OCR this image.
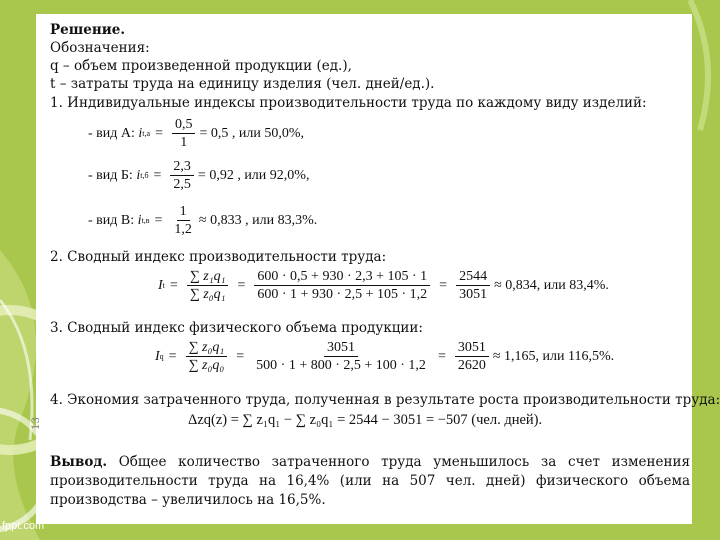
Решение.
Обозначения:
q – объем произведенной продукции (ед.),
t – затраты труда на единицу изделия (чел. дней/ед.).
1. Индивидуальные индексы производительности труда по каждому виду изделий:
- вид А:
i $t,a = \frac{0,5}{1} = 0,5$ , или 50,0%,
- вид Б:
i $t,б = \frac{2,3}{2,5} = 0,92$ , или 92,0%,
- вид В:
i $t,в = \frac{1}{1,2} \approx 0,833$ , или 83,3%.
2. Сводный индекс производительности труда:
I $t = \frac{\text{∑ z₁q₁}}{\text{∑ z₀q₁}} = \frac{600 \cdot 0,5 + 930 \cdot 2,3 + 105 \cdot 1}{600 \cdot 1 + 930 \cdot 2,5 + 105 \cdot 1,2} = \frac{2544}{3051} \approx 0,834$, или 83,4%.
3. Сводный индекс физического объема продукции:
I $q = \frac{\text{∑ z₀q₁}}{\text{∑ z₀q₀}} = \frac{3051}{500 \cdot 1 + 800 \cdot 2,5 + 100 \cdot 1,2} = \frac{3051}{2620} \approx 1,165$, или 116,5%.
4. Экономия затраченного труда, полученная в результате роста производительности труда:
Δzq(z) = ∑ z₁q₁ − ∑ z₀q₁ = 2544 − 3051 = −507 (чел. дней).

Вывод. Общее количество затраченного труда уменьшилось за счет изменения производительности труда на 16,4% (или на 507 чел. дней) физического объема производства – увеличилось на 16,5%.

13
fppt.com
